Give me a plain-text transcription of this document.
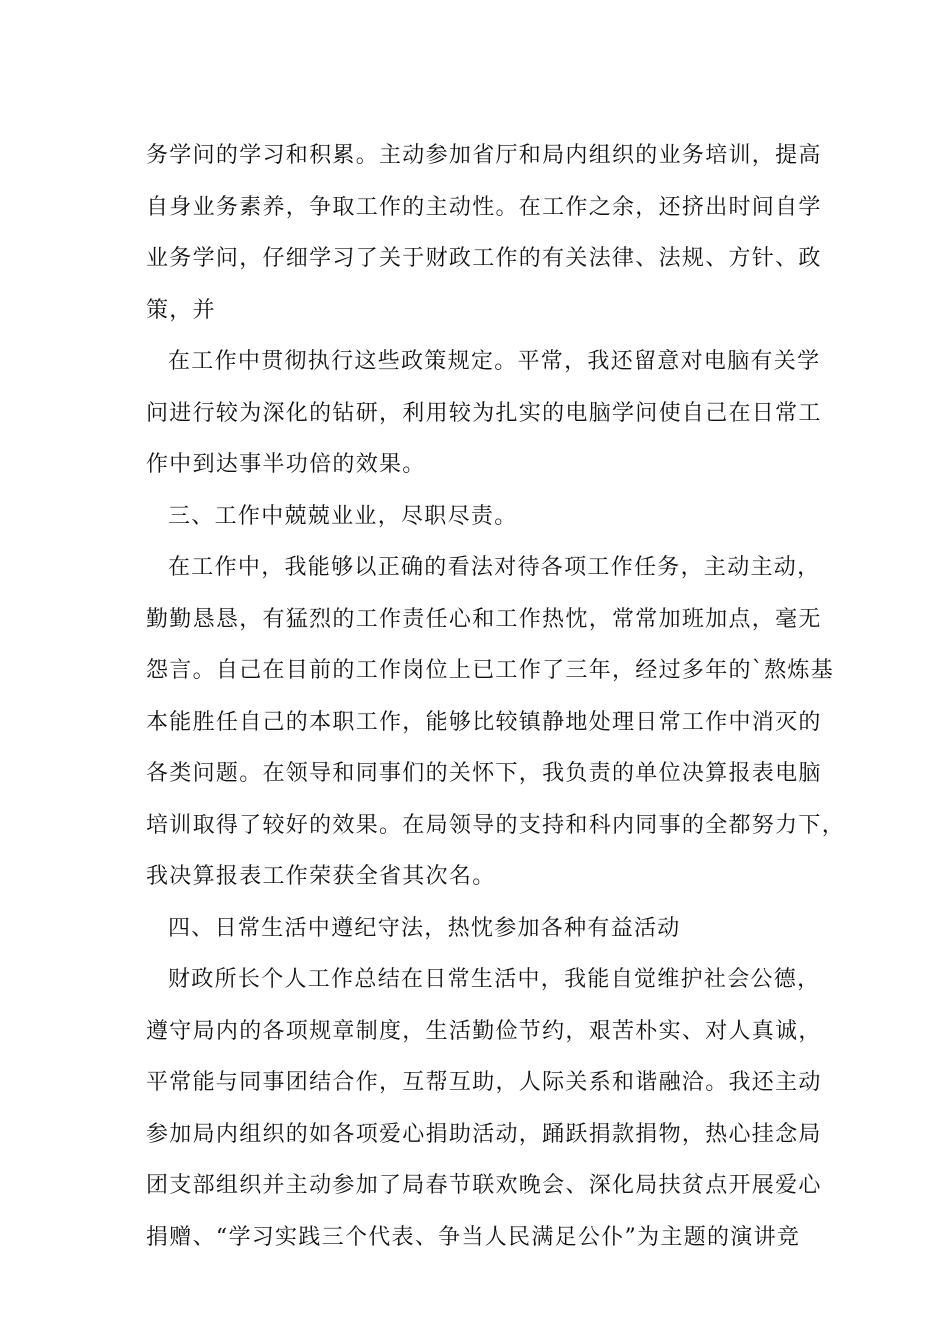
务学问的学习和积累。主动参加省厅和局内组织的业务培训，提高
自身业务素养，争取工作的主动性。在工作之余，还挤出时间自学
业务学问，仔细学习了关于财政工作的有关法律、法规、方针、政
策，并
在工作中贯彻执行这些政策规定。平常，我还留意对电脑有关学
问进行较为深化的钻研，利用较为扎实的电脑学问使自己在日常工
作中到达事半功倍的效果。
三、工作中兢兢业业，尽职尽责。
在工作中，我能够以正确的看法对待各项工作任务，主动主动，
勤勤恳恳，有猛烈的工作责任心和工作热忱，常常加班加点，毫无
怨言。自己在目前的工作岗位上已工作了三年，经过多年的`熬炼基
本能胜任自己的本职工作，能够比较镇静地处理日常工作中消灭的
各类问题。在领导和同事们的关怀下，我负责的单位决算报表电脑
培训取得了较好的效果。在局领导的支持和科内同事的全都努力下，
我决算报表工作荣获全省其次名。
四、日常生活中遵纪守法，热忱参加各种有益活动
财政所长个人工作总结在日常生活中，我能自觉维护社会公德，
遵守局内的各项规章制度，生活勤俭节约，艰苦朴实、对人真诚，
平常能与同事团结合作，互帮互助，人际关系和谐融洽。我还主动
参加局内组织的如各项爱心捐助活动，踊跃捐款捐物，热心挂念局
团支部组织并主动参加了局春节联欢晚会、深化局扶贫点开展爱心
捐赠、“学习实践三个代表、争当人民满足公仆”为主题的演讲竞
